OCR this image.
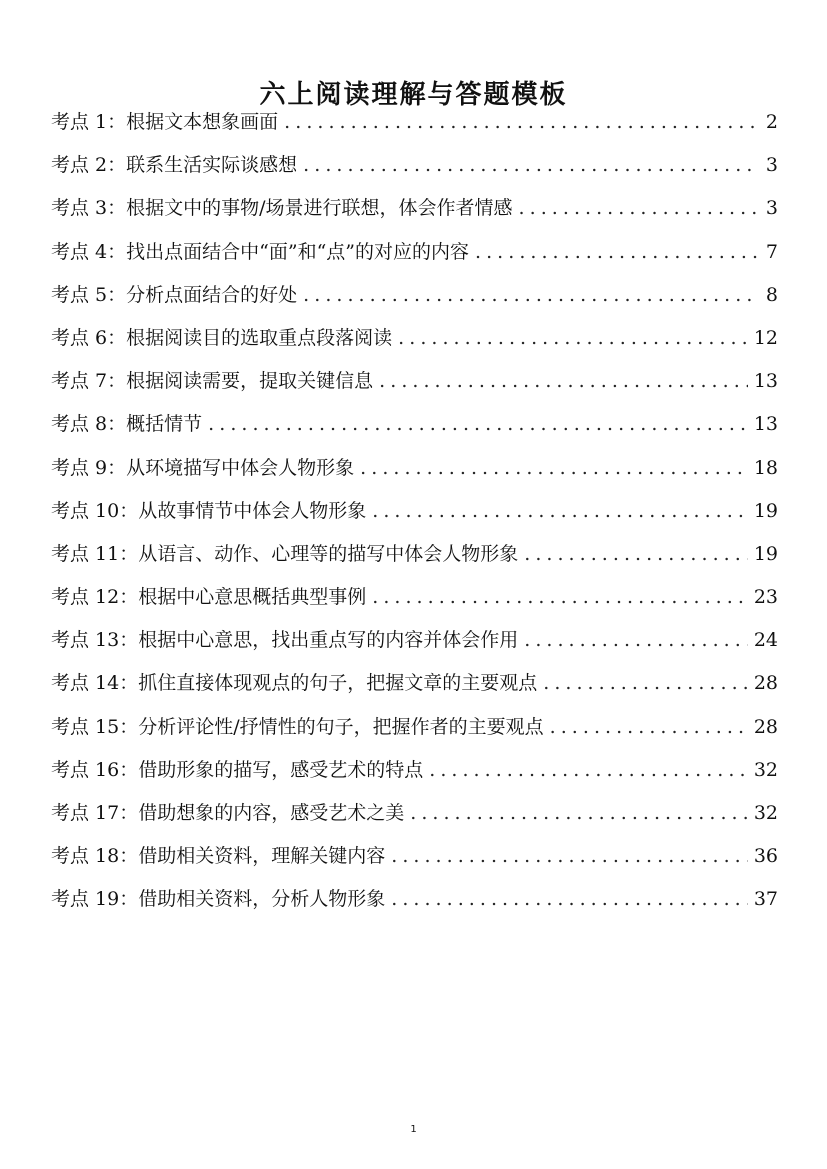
六上阅读理解与答题模板
考点 1： 根据文本想象画面 . . .	2
考点 2： 联系生活实际谈感想 . . .	3
考点 3： 根据文中的事物/场景进行联想，体会作者情感 . . .	3
考点 4： 找出点面结合中“面”和“点”的对应的内容 . . .	7
考点 5： 分析点面结合的好处 . . .	8
考点 6： 根据阅读目的选取重点段落阅读 . . .	12
考点 7： 根据阅读需要，提取关键信息 . . .	13
考点 8： 概括情节 . . .	13
考点 9： 从环境描写中体会人物形象 . . .	18
考点 10： 从故事情节中体会人物形象 . . .	19
考点 11： 从语言、动作、心理等的描写中体会人物形象 . . .	19
考点 12： 根据中心意思概括典型事例 . . .	23
考点 13： 根据中心意思，找出重点写的内容并体会作用 . . .	24
考点 14： 抓住直接体现观点的句子，把握文章的主要观点 . . .	28
考点 15： 分析评论性/抒情性的句子，把握作者的主要观点 . . .	28
考点 16： 借助形象的描写，感受艺术的特点 . . .	32
考点 17： 借助想象的内容，感受艺术之美 . . .	32
考点 18： 借助相关资料，理解关键内容 . . .	36
考点 19： 借助相关资料，分析人物形象 . . .	37
1
